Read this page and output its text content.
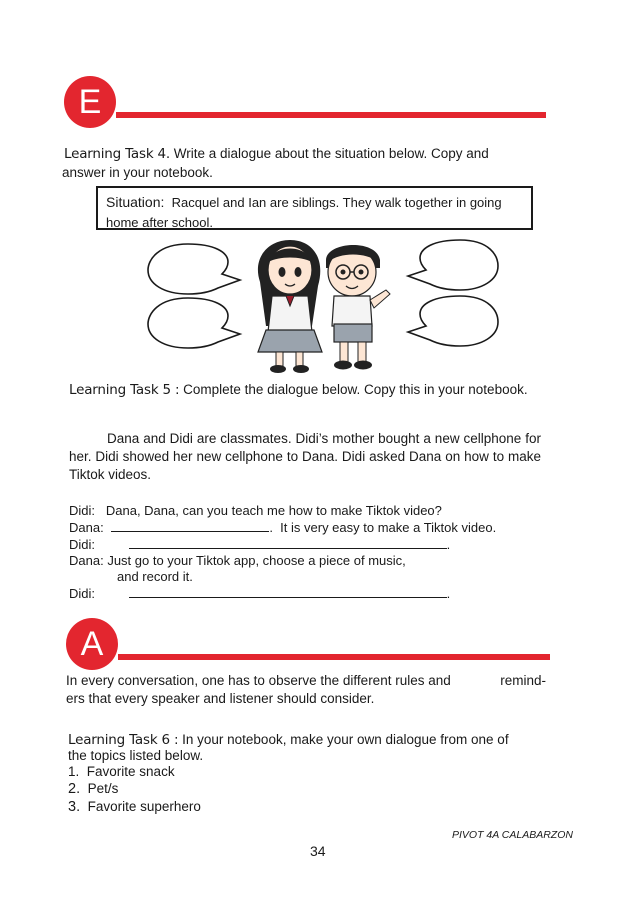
E
Learning Task 4. Write a dialogue about the situation below. Copy and
answer in your notebook.
Situation: Racquel and Ian are siblings. They walk together in going
home after school.
Learning Task 5 : Complete the dialogue below. Copy this in your notebook.
Dana and Didi are classmates. Didi’s mother bought a new cellphone for her. Didi showed her new cellphone to Dana. Didi asked Dana on how to make Tiktok videos.
Didi: Dana, Dana, can you teach me how to make Tiktok video?
Dana:	.  It is very easy to make a Tiktok video.
Didi:	.
Dana: Just go to your Tiktok app, choose a piece of music,
and record it.
Didi:	.
A
In every conversation, one has to observe the different rules and	remind-
ers that every speaker and listener should consider.
Learning Task 6 : In your notebook, make your own dialogue from one of
the topics listed below.
1. Favorite snack
2. Pet/s
3. Favorite superhero
PIVOT 4A CALABARZON
34
